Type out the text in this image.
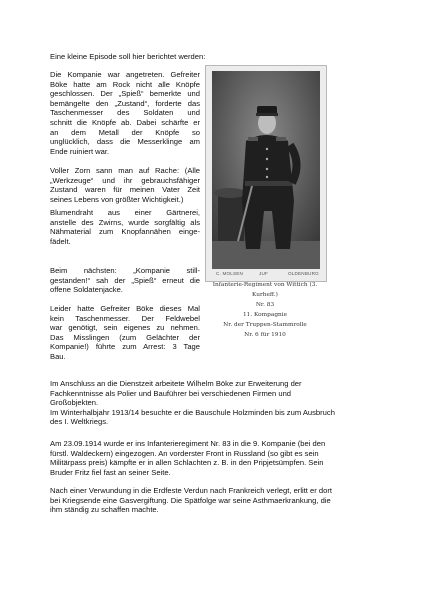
Eine kleine Episode soll hier berichtet werden:

Die Kompanie war angetreten. Gefreiter

Böke hatte am Rock nicht alle Knöpfe

geschlossen. Der „Spieß“ bemerkte und

bemängelte den „Zustand“, forderte das

Taschenmesser des Soldaten und

schnitt die Knöpfe ab. Dabei schärfte er

an dem Metall der Knöpfe so

unglücklich, dass die Messerklinge am

Ende ruiniert war.

Voller Zorn sann man auf Rache: (Alle

„Werkzeuge“ und ihr gebrauchsfähiger

Zustand waren für meinen Vater Zeit

seines Lebens von größter Wichtigkeit.)

Blumendraht aus einer Gärtnerei,

anstelle des Zwirns, wurde sorgfältig als

Nähmaterial zum Knopfannähen einge-

fädelt.

Beim nächsten: „Kompanie still-

gestanden!“ sah der „Spieß“ erneut die

offene Soldatenjacke.

Leider hatte Gefreiter Böke dieses Mal

kein Taschenmesser. Der Feldwebel

war genötigt, sein eigenes zu nehmen.

Das Misslingen (zum Gelächter der

Kompanie!) führte zum Arrest: 3 Tage

Bau.

C. MOLSEN	JUF	OLDENBURG
Infanterie-Regiment von Wittich (3. Kurheff.)
Nr. 83
11. Kompagnie
Nr. der Truppen-Stammrolle
Nr. 6 für 1910

Im Anschluss an die Dienstzeit arbeitete Wilhelm Böke zur Erweiterung der

Fachkenntnisse als Polier und Bauführer bei verschiedenen Firmen und

Großobjekten.

Im Winterhalbjahr 1913/14 besuchte er die Bauschule Holzminden bis zum Ausbruch

des I. Weltkriegs.

Am 23.09.1914 wurde er ins Infanterieregiment Nr. 83 in die 9. Kompanie (bei den

fürstl. Waldeckern) eingezogen. An vorderster Front in Russland (so gibt es sein

Militärpass preis) kämpfte er in allen Schlachten z. B. in den Pripjetsümpfen. Sein

Bruder Fritz fiel fast an seiner Seite.

Nach einer Verwundung in die Erdfeste Verdun nach Frankreich verlegt, erlitt er dort

bei Kriegsende eine Gasvergiftung. Die Spätfolge war seine Asthmaerkrankung, die

ihm ständig zu schaffen machte.
